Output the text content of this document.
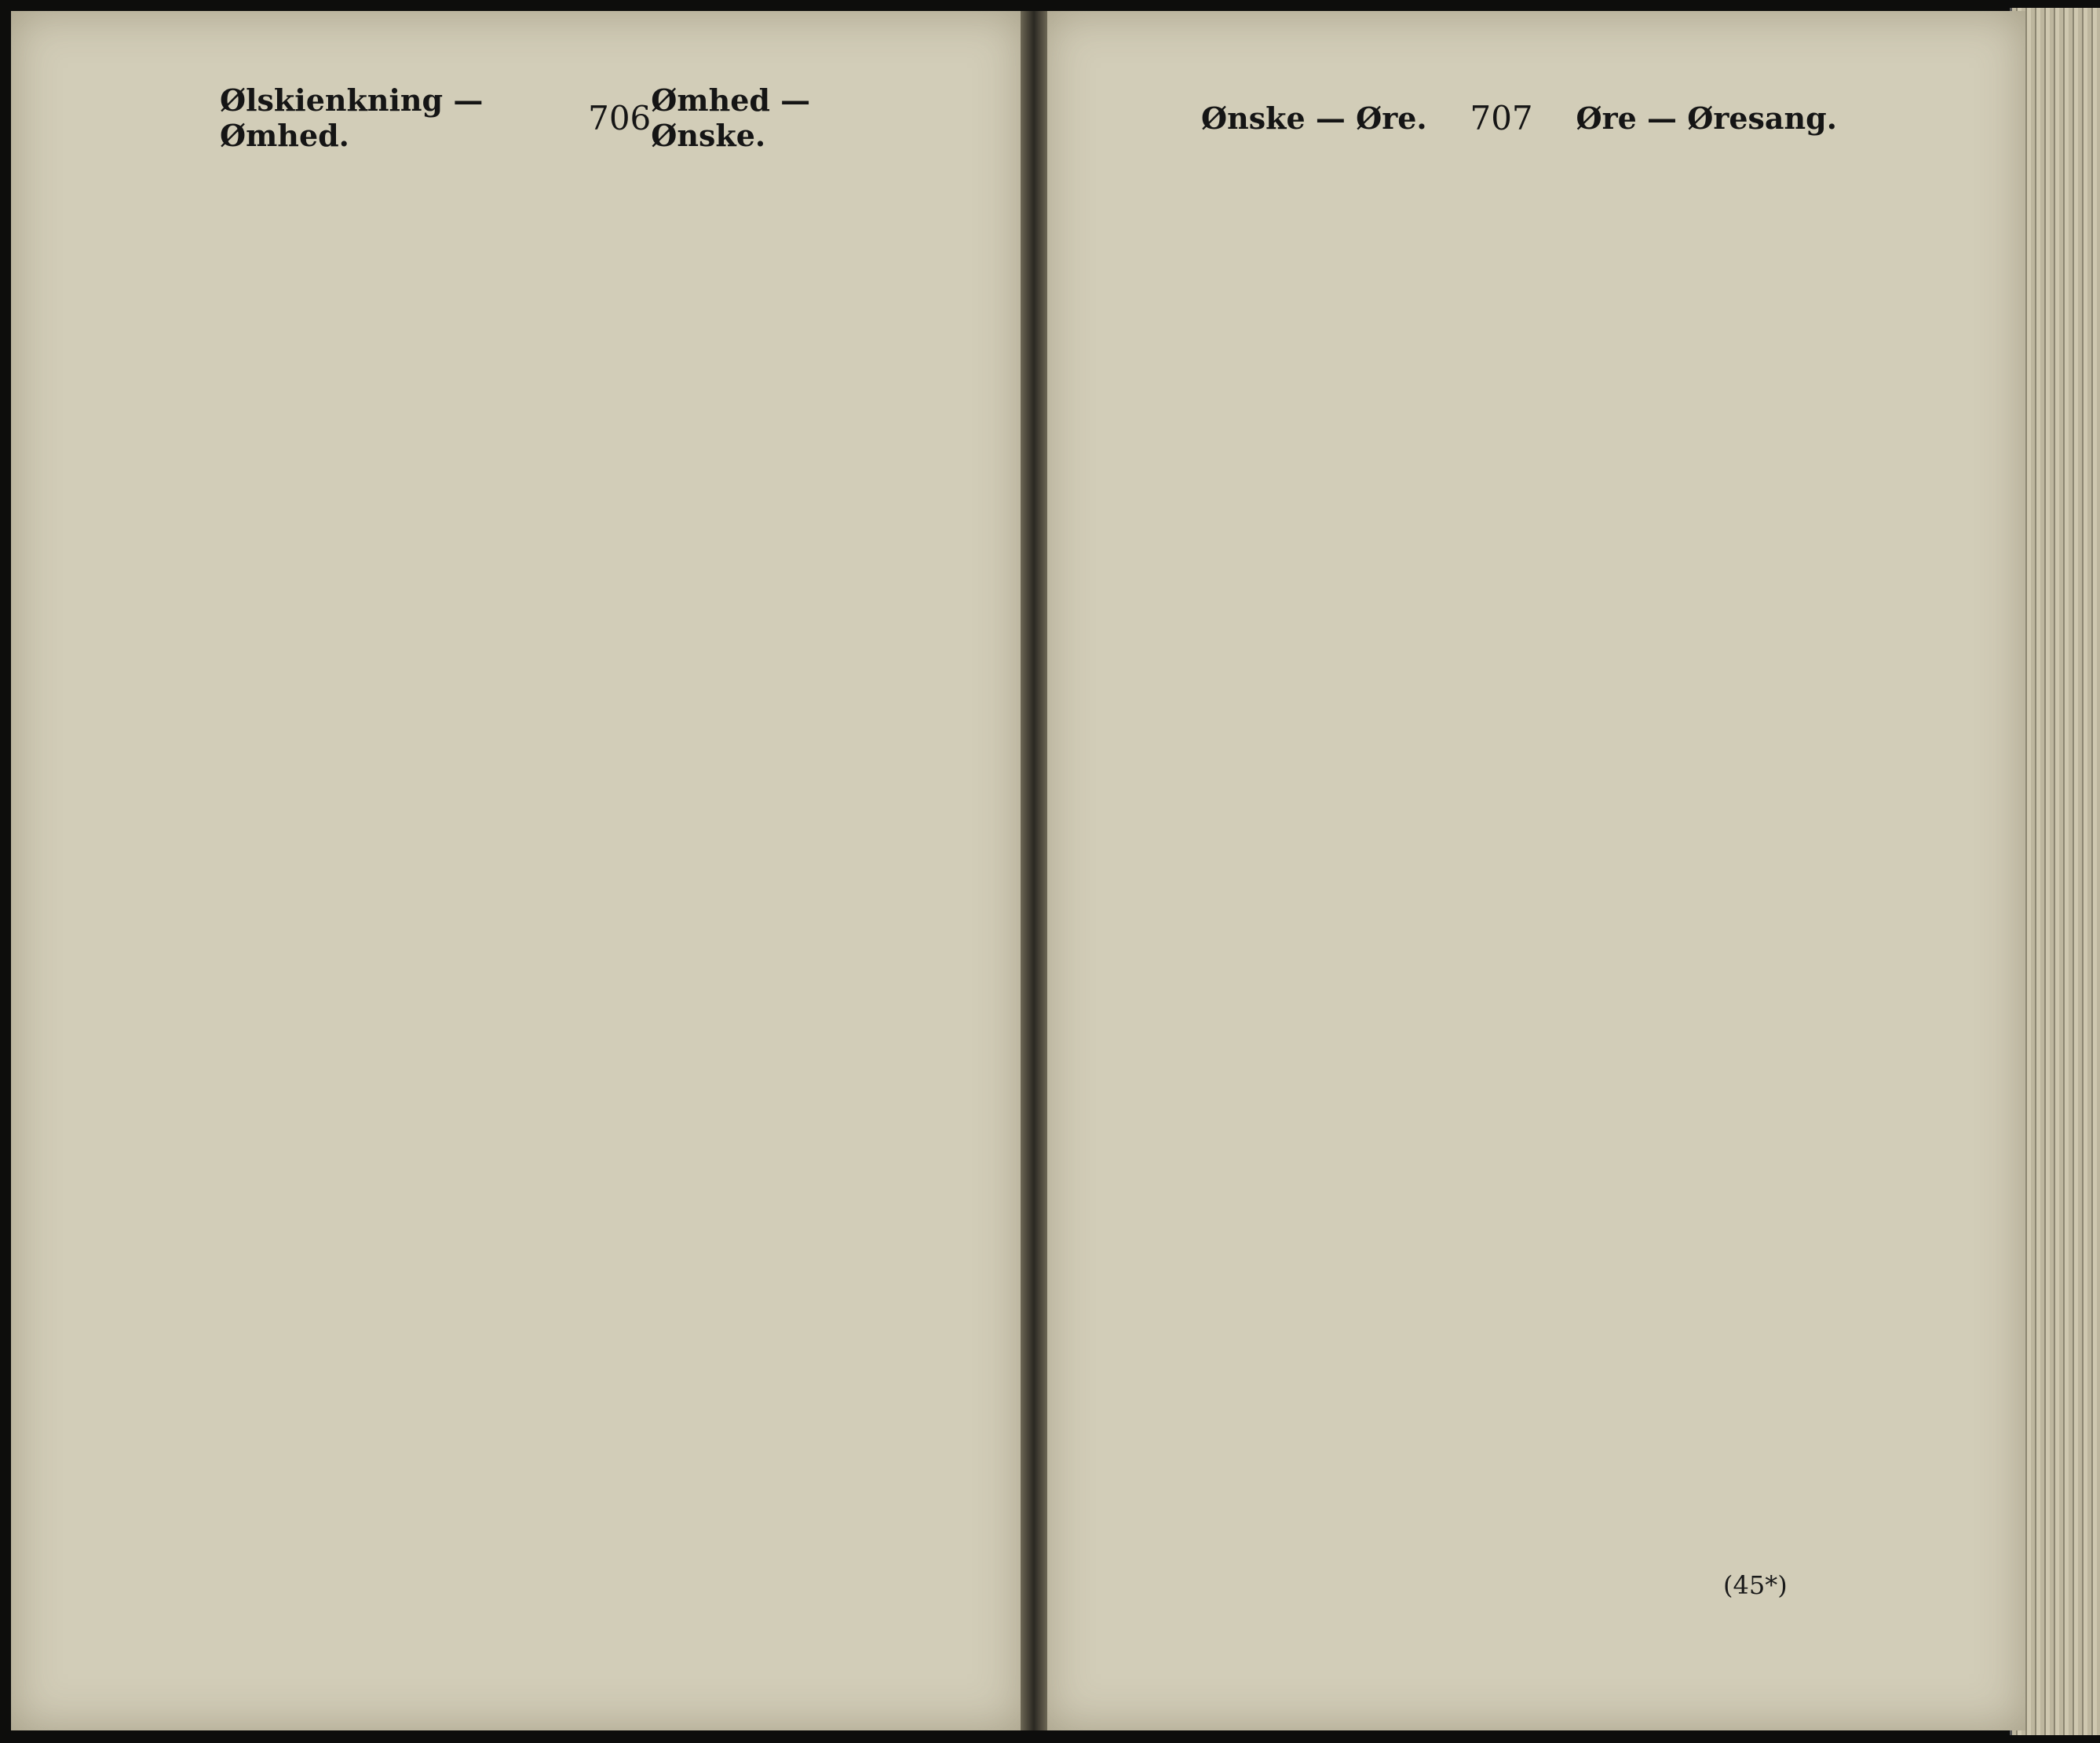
Ølskienkning — Ømhed.	706 Ømhed — Ønske.	Ønske — Øre. 707 Øre — Øresang.
(45*)
